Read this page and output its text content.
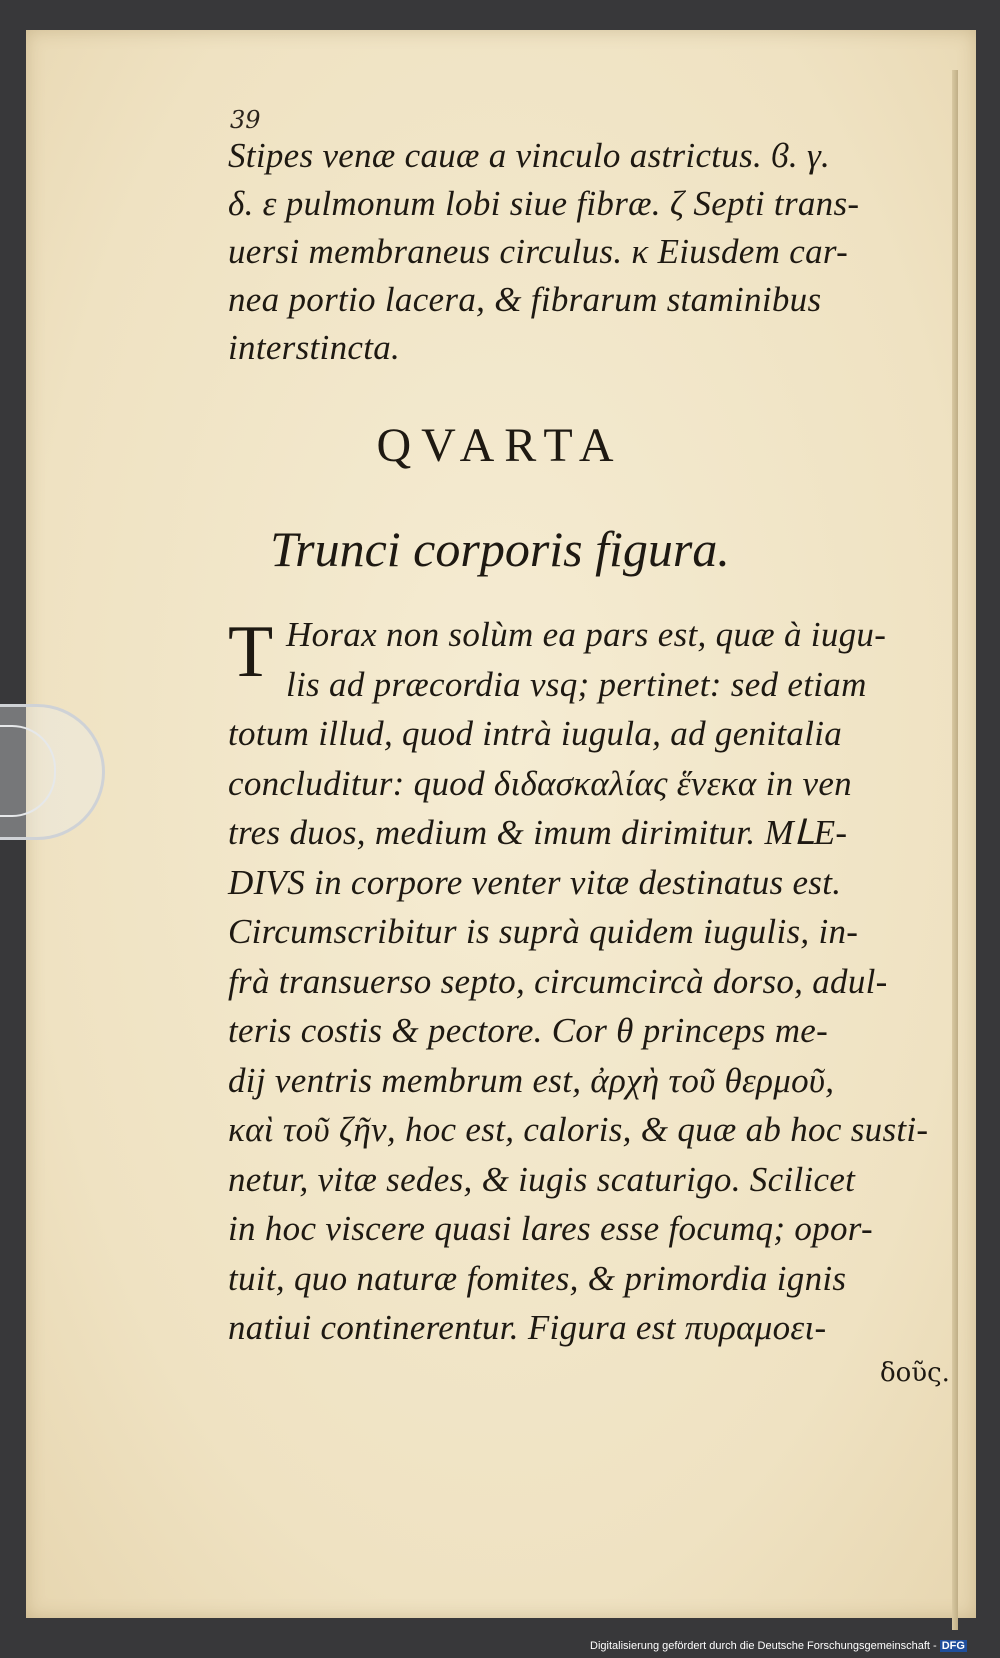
39
Stipes venæ cauæ a vinculo astrictus. ϐ. γ.
δ. ε pulmonum lobi siue fibræ. ζ Septi trans-
uersi membraneus circulus. κ Eiusdem car-
nea portio lacera, & fibrarum staminibus
interstincta.
QVARTA
Trunci corporis figura.
T Horax non solùm ea pars est, quæ à iugu-
lis ad præcordia vsq; pertinet: sed etiam
totum illud, quod intrà iugula, ad genitalia
concluditur: quod διδασκαλίας ἕνεκα in ven
tres duos, medium & imum dirimitur. MⅬE-
DIVS in corpore venter vitæ destinatus est.
Circumscribitur is suprà quidem iugulis, in-
frà transuerso septo, circumcircà dorso, adul-
teris costis & pectore. Cor θ princeps me-
dij ventris membrum est, ἀρχὴ τοῦ θερμοῦ,
καὶ τοῦ ζῆν, hoc est, caloris, & quæ ab hoc susti-
netur, vitæ sedes, & iugis scaturigo. Scilicet
in hoc viscere quasi lares esse focumq; opor-
tuit, quo naturæ fomites, & primordia ignis
natiui continerentur. Figura est πυραμοει-
δοῦς.
Digitalisierung gefördert durch die Deutsche Forschungsgemeinschaft - DFG
